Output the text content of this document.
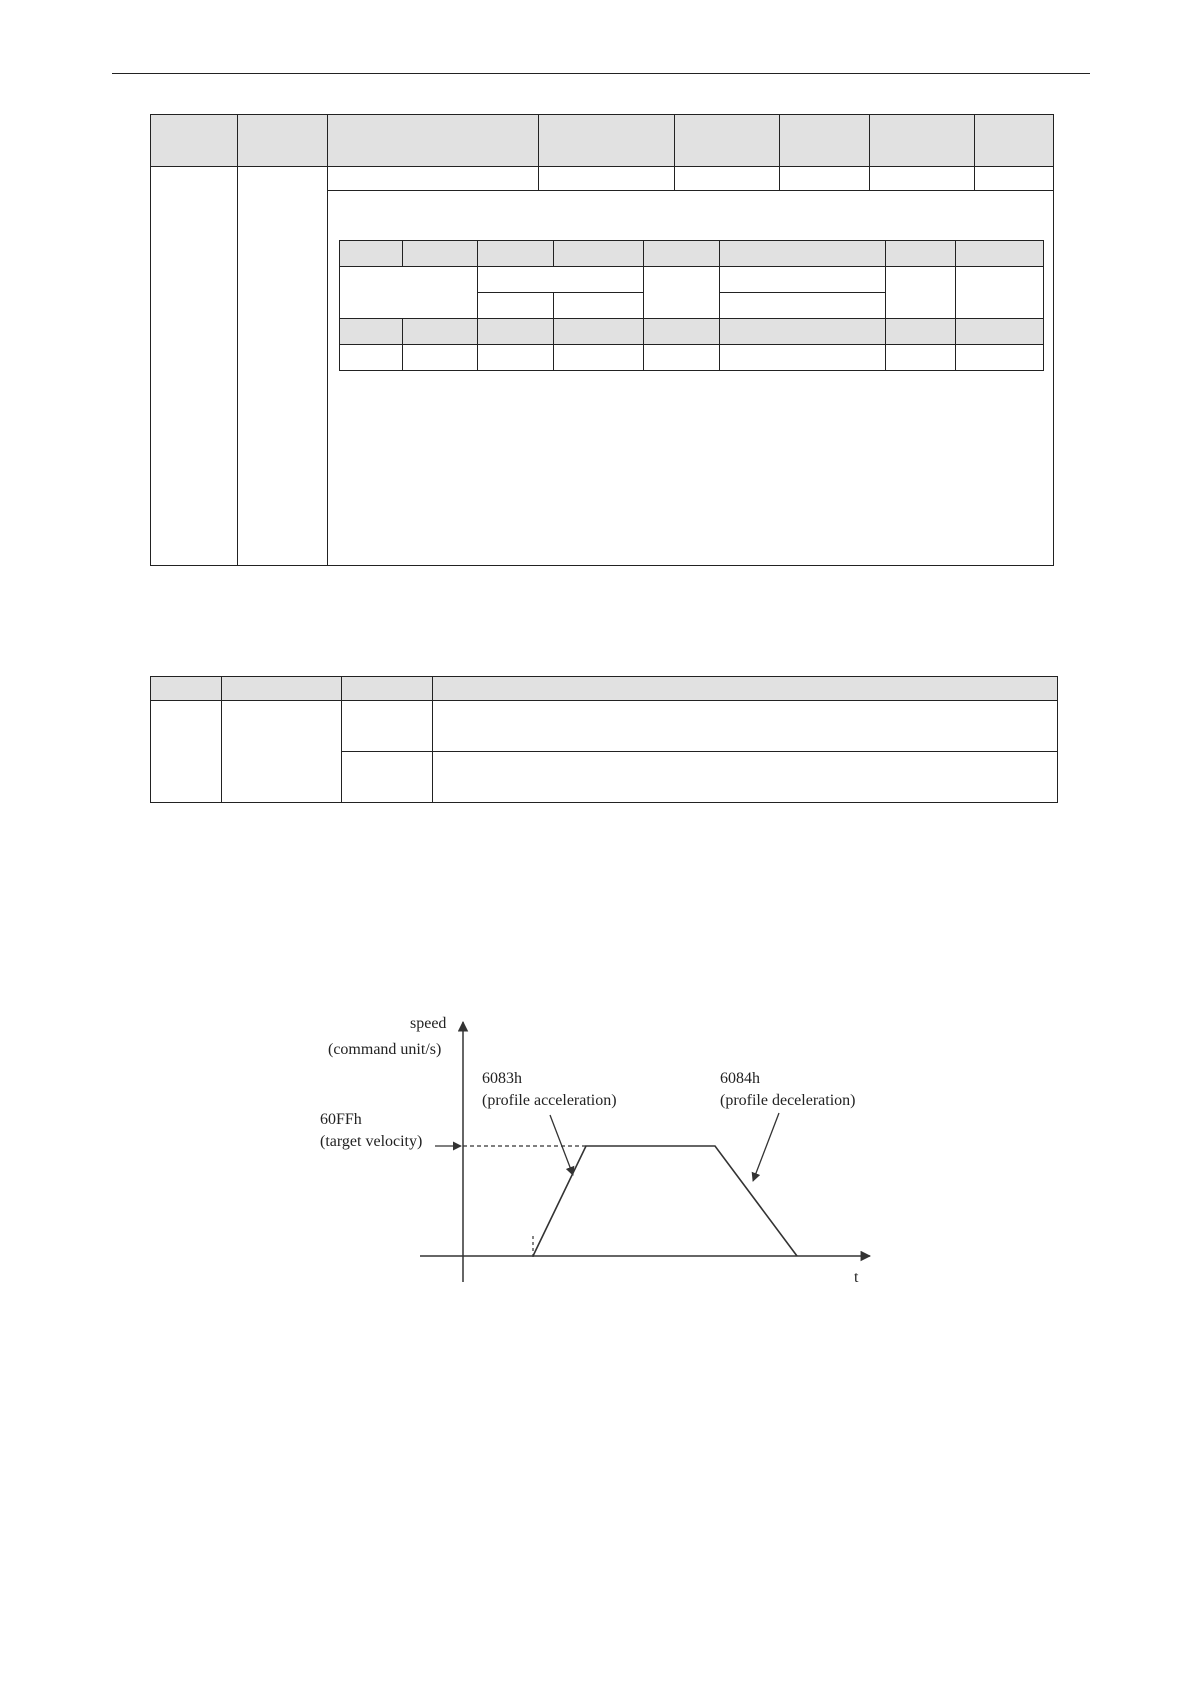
speed
(command unit/s)
60FFh
(target velocity)
6083h
(profile acceleration)
6084h
(profile deceleration)
t
